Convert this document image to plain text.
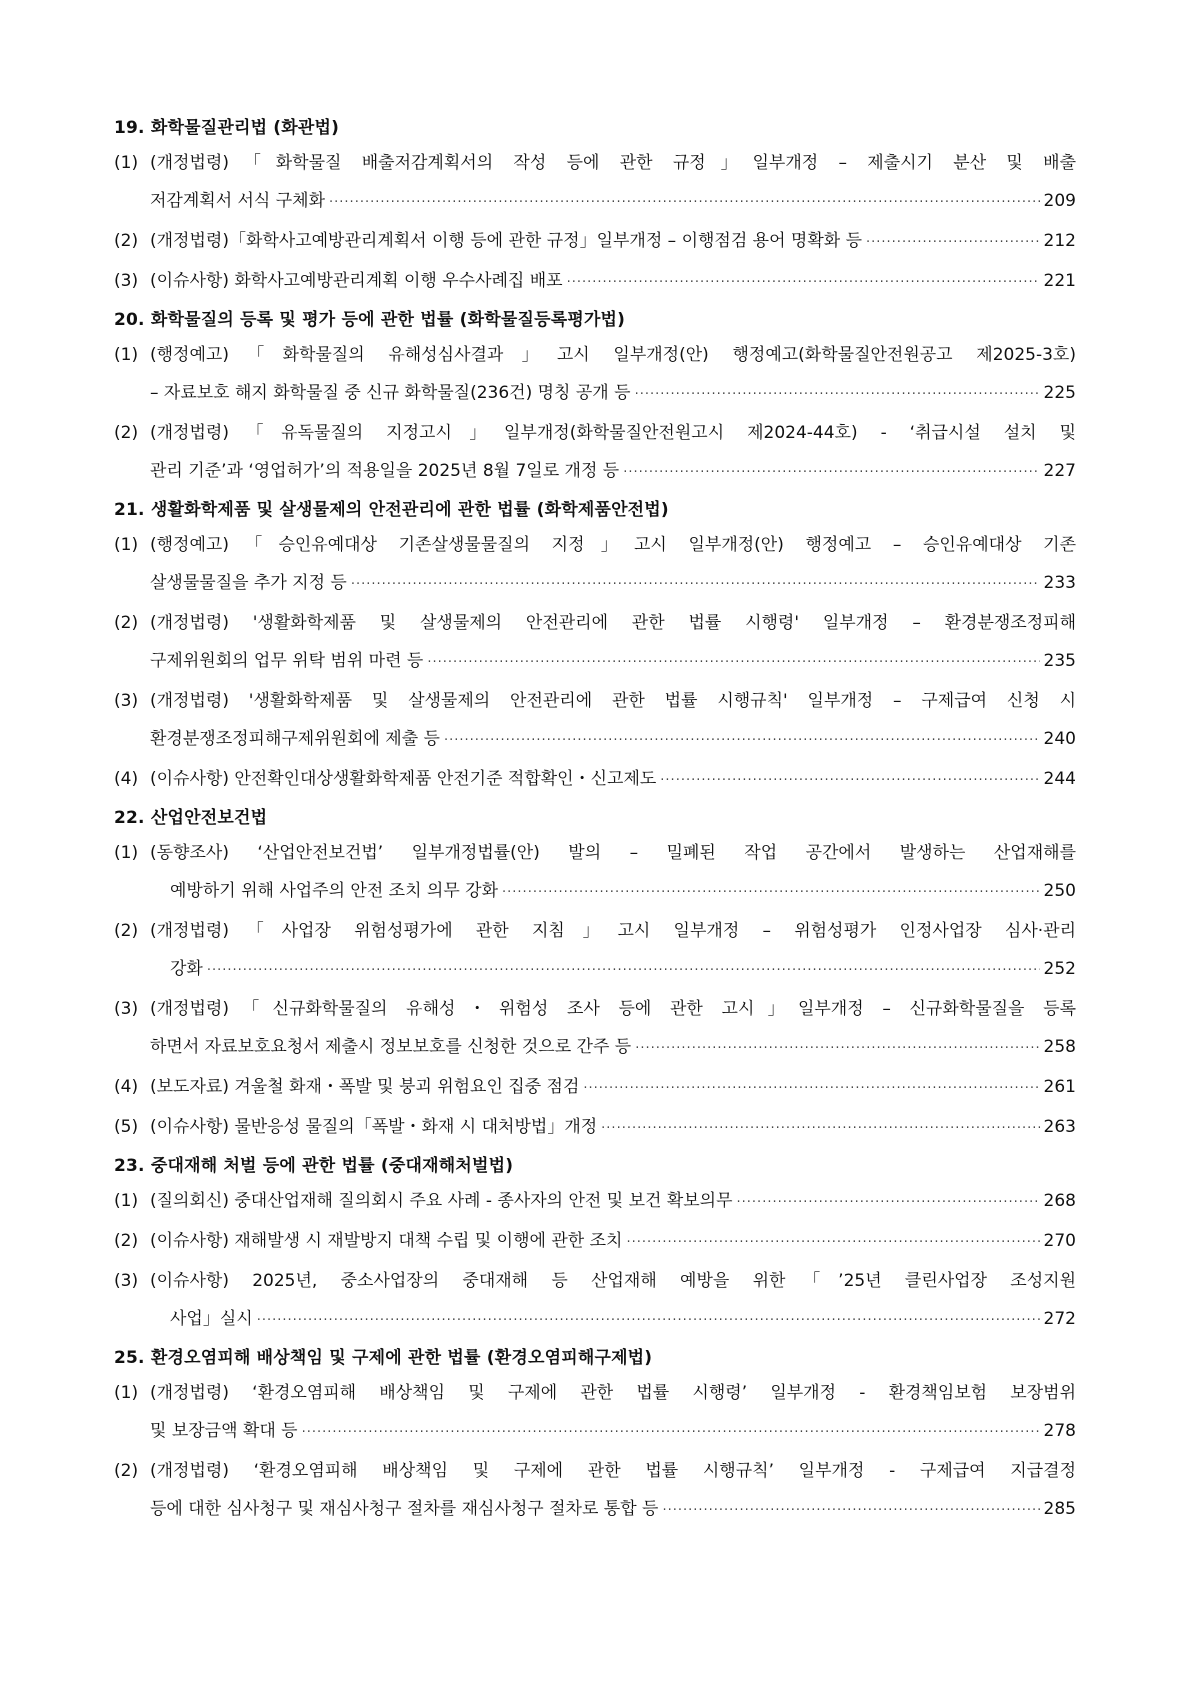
19. 화학물질관리법 (화관법)
(1) (개정법령)「화학물질 배출저감계획서의 작성 등에 관한 규정」일부개정 – 제출시기 분산 및 배출
저감계획서 서식 구체화 ·····	209
(2) (개정법령)「화학사고예방관리계획서 이행 등에 관한 규정」일부개정 – 이행점검 용어 명확화 등 ·····	212
(3) (이슈사항) 화학사고예방관리계획 이행 우수사례집 배포 ·····	221
20. 화학물질의 등록 및 평가 등에 관한 법률 (화학물질등록평가법)
(1) (행정예고)「화학물질의 유해성심사결과」고시 일부개정(안) 행정예고(화학물질안전원공고 제2025-3호)
– 자료보호 해지 화학물질 중 신규 화학물질(236건) 명칭 공개 등 ·····	225
(2) (개정법령)「유독물질의 지정고시」일부개정(화학물질안전원고시 제2024-44호) - ‘취급시설 설치 및
관리 기준’과 ‘영업허가’의 적용일을 2025년 8월 7일로 개정 등 ·····	227
21. 생활화학제품 및 살생물제의 안전관리에 관한 법률 (화학제품안전법)
(1) (행정예고)「승인유예대상 기존살생물물질의 지정」고시 일부개정(안) 행정예고 – 승인유예대상 기존
살생물물질을 추가 지정 등 ·····	233
(2) (개정법령) '생활화학제품 및 살생물제의 안전관리에 관한 법률 시행령' 일부개정 – 환경분쟁조정피해
구제위원회의 업무 위탁 범위 마련 등 ·····	235
(3) (개정법령) '생활화학제품 및 살생물제의 안전관리에 관한 법률 시행규칙' 일부개정 – 구제급여 신청 시
환경분쟁조정피해구제위원회에 제출 등 ·····	240
(4) (이슈사항) 안전확인대상생활화학제품 안전기준 적합확인・신고제도 ·····	244
22. 산업안전보건법
(1) (동향조사) ‘산업안전보건법’ 일부개정법률(안) 발의 – 밀폐된 작업 공간에서 발생하는 산업재해를
예방하기 위해 사업주의 안전 조치 의무 강화 ·····	250
(2) (개정법령)「사업장 위험성평가에 관한 지침」고시 일부개정 – 위험성평가 인정사업장 심사·관리
강화 ·····	252
(3) (개정법령)「신규화학물질의 유해성・위험성 조사 등에 관한 고시」일부개정 – 신규화학물질을 등록
하면서 자료보호요청서 제출시 정보보호를 신청한 것으로 간주 등 ·····	258
(4) (보도자료) 겨울철 화재・폭발 및 붕괴 위험요인 집중 점검 ·····	261
(5) (이슈사항) 물반응성 물질의「폭발・화재 시 대처방법」개정 ·····	263
23. 중대재해 처벌 등에 관한 법률 (중대재해처벌법)
(1) (질의회신) 중대산업재해 질의회시 주요 사례 - 종사자의 안전 및 보건 확보의무 ·····	268
(2) (이슈사항) 재해발생 시 재발방지 대책 수립 및 이행에 관한 조치 ·····	270
(3) (이슈사항) 2025년, 중소사업장의 중대재해 등 산업재해 예방을 위한「’25년 클린사업장 조성지원
사업」실시 ·····	272
25. 환경오염피해 배상책임 및 구제에 관한 법률 (환경오염피해구제법)
(1) (개정법령) ‘환경오염피해 배상책임 및 구제에 관한 법률 시행령’ 일부개정 - 환경책임보험 보장범위
및 보장금액 확대 등 ·····	278
(2) (개정법령) ‘환경오염피해 배상책임 및 구제에 관한 법률 시행규칙’ 일부개정 - 구제급여 지급결정
등에 대한 심사청구 및 재심사청구 절차를 재심사청구 절차로 통합 등 ·····	285
